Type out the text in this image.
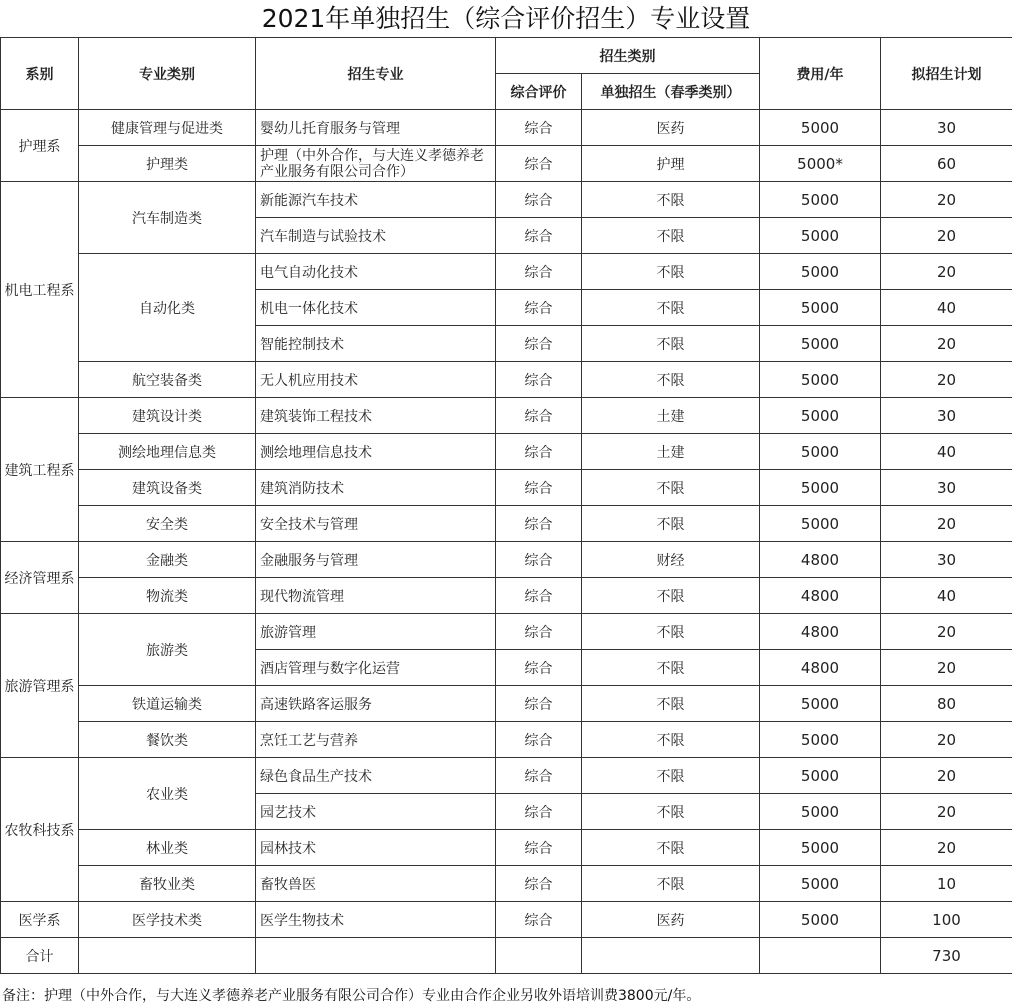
2021年单独招生（综合评价招生）专业设置
系别	专业类别	招生专业	招生类别		费用/年	拟招生计划
			综合评价	单独招生（春季类别）		
护理系	健康管理与促进类	婴幼儿托育服务与管理	综合	医药	5000	30
	护理类	护理（中外合作，与大连义孝德养老产业服务有限公司合作）	综合	护理	5000*	60
机电工程系	汽车制造类	新能源汽车技术	综合	不限	5000	20
		汽车制造与试验技术	综合	不限	5000	20
	自动化类	电气自动化技术	综合	不限	5000	20
		机电一体化技术	综合	不限	5000	40
		智能控制技术	综合	不限	5000	20
	航空装备类	无人机应用技术	综合	不限	5000	20
建筑工程系	建筑设计类	建筑装饰工程技术	综合	土建	5000	30
	测绘地理信息类	测绘地理信息技术	综合	土建	5000	40
	建筑设备类	建筑消防技术	综合	不限	5000	30
	安全类	安全技术与管理	综合	不限	5000	20
经济管理系	金融类	金融服务与管理	综合	财经	4800	30
	物流类	现代物流管理	综合	不限	4800	40
旅游管理系	旅游类	旅游管理	综合	不限	4800	20
		酒店管理与数字化运营	综合	不限	4800	20
	铁道运输类	高速铁路客运服务	综合	不限	5000	80
	餐饮类	烹饪工艺与营养	综合	不限	5000	20
农牧科技系	农业类	绿色食品生产技术	综合	不限	5000	20
		园艺技术	综合	不限	5000	20
	林业类	园林技术	综合	不限	5000	20
	畜牧业类	畜牧兽医	综合	不限	5000	10
医学系	医学技术类	医学生物技术	综合	医药	5000	100
合计						730
备注：护理（中外合作，与大连义孝德养老产业服务有限公司合作）专业由合作企业另收外语培训费3800元/年。
